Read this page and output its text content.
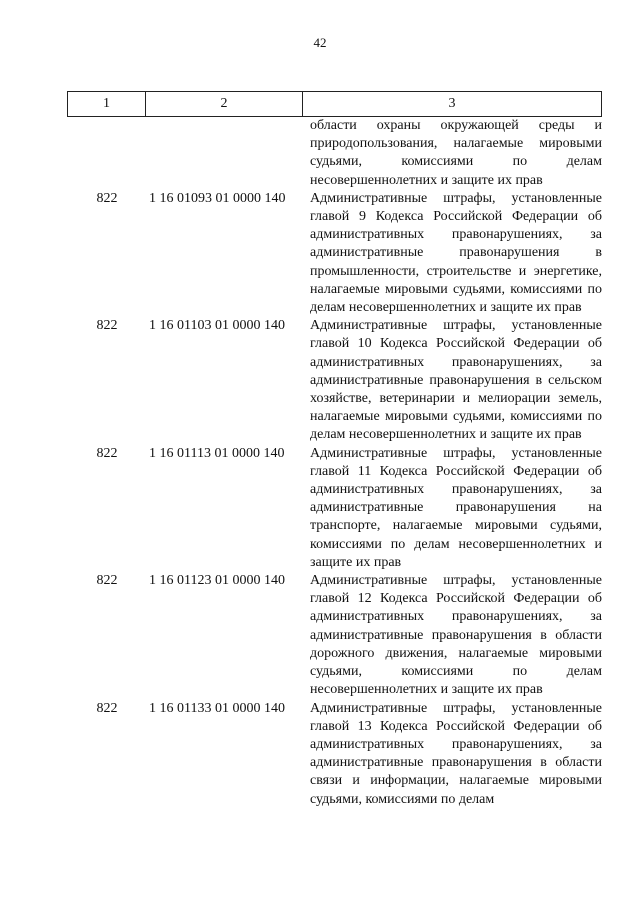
42
1	2	3
области охраны окружающей среды и природопользования, налагаемые мировыми судьями, комиссиями по делам несовершеннолетних и защите их прав
822	1 16 01093 01 0000 140	Административные штрафы, установленные главой 9 Кодекса Российской Федерации об административных правонарушениях, за административные правонарушения в промышленности, строительстве и энергетике, налагаемые мировыми судьями, комиссиями по делам несовершеннолетних и защите их прав
822	1 16 01103 01 0000 140	Административные штрафы, установленные главой 10 Кодекса Российской Федерации об административных правонарушениях, за административные правонарушения в сельском хозяйстве, ветеринарии и мелиорации земель, налагаемые мировыми судьями, комиссиями по делам несовершеннолетних и защите их прав
822	1 16 01113 01 0000 140	Административные штрафы, установленные главой 11 Кодекса Российской Федерации об административных правонарушениях, за административные правонарушения на транспорте, налагаемые мировыми судьями, комиссиями по делам несовершеннолетних и защите их прав
822	1 16 01123 01 0000 140	Административные штрафы, установленные главой 12 Кодекса Российской Федерации об административных правонарушениях, за административные правонарушения в области дорожного движения, налагаемые мировыми судьями, комиссиями по делам несовершеннолетних и защите их прав
822	1 16 01133 01 0000 140	Административные штрафы, установленные главой 13 Кодекса Российской Федерации об административных правонарушениях, за административные правонарушения в области связи и информации, налагаемые мировыми судьями, комиссиями по делам
